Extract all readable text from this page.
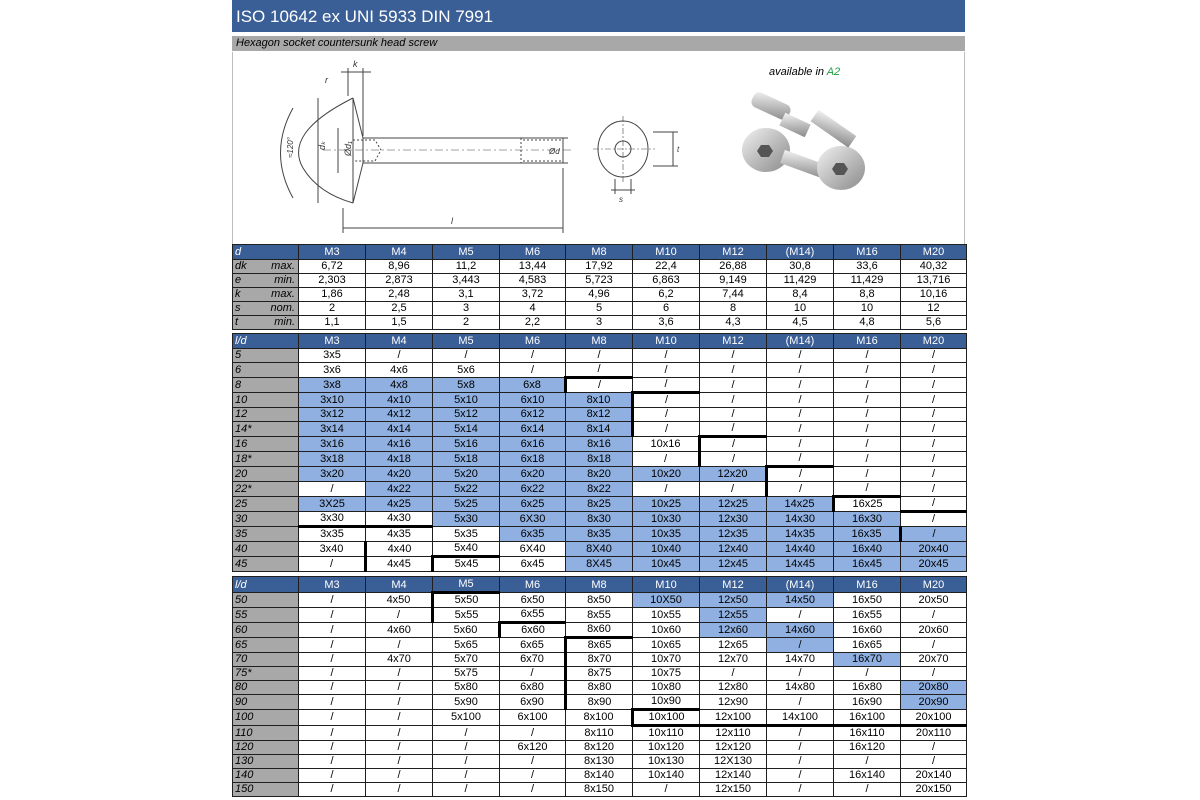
ISO 10642 ex UNI 5933 DIN 7991
Hexagon socket countersunk head screw
≈120°
k
r
dₖ Ød₁
l
s
t
Ød
available in A2
d	M3	M4	M5	M6	M8	M10	M12	(M14)	M16	M20
dk max.	6,72	8,96	11,2	13,44	17,92	22,4	26,88	30,8	33,6	40,32
e min.	2,303	2,873	3,443	4,583	5,723	6,863	9,149	11,429	11,429	13,716
k max.	1,86	2,48	3,1	3,72	4,96	6,2	7,44	8,4	8,8	10,16
s nom.	2	2,5	3	4	5	6	8	10	10	12
t min.	1,1	1,5	2	2,2	3	3,6	4,3	4,5	4,8	5,6
l/d	M3	M4	M5	M6	M8	M10	M12	(M14)	M16	M20
5	3x5	/	/	/	/	/	/	/	/	/
6	3x6	4x6	5x6	/	/	/	/	/	/	/
8	3x8	4x8	5x8	6x8	/	/	/	/	/	/
10	3x10	4x10	5x10	6x10	8x10	/	/	/	/	/
12	3x12	4x12	5x12	6x12	8x12	/	/	/	/	/
14*	3x14	4x14	5x14	6x14	8x14	/	/	/	/	/
16	3x16	4x16	5x16	6x16	8x16	10x16	/	/	/	/
18*	3x18	4x18	5x18	6x18	8x18	/	/	/	/	/
20	3x20	4x20	5x20	6x20	8x20	10x20	12x20	/	/	/
22*	/	4x22	5x22	6x22	8x22	/	/	/	/	/
25	3X25	4x25	5x25	6x25	8x25	10x25	12x25	14x25	16x25	/
30	3x30	4x30	5x30	6X30	8x30	10x30	12x30	14x30	16x30	/
35	3x35	4x35	5x35	6x35	8x35	10x35	12x35	14x35	16x35	/
40	3x40	4x40	5x40	6X40	8X40	10x40	12x40	14x40	16x40	20x40
45	/	4x45	5x45	6x45	8X45	10x45	12x45	14x45	16x45	20x45
l/d	M3	M4	M5	M6	M8	M10	M12	(M14)	M16	M20
50	/	4x50	5x50	6x50	8x50	10X50	12x50	14x50	16x50	20x50
55	/	/	5x55	6x55	8x55	10x55	12x55	/	16x55	/
60	/	4x60	5x60	6x60	8x60	10x60	12x60	14x60	16x60	20x60
65	/	/	5x65	6x65	8x65	10x65	12x65	/	16x65	/
70	/	4x70	5x70	6x70	8x70	10x70	12x70	14x70	16x70	20x70
75*	/	/	5x75	/	8x75	10x75	/	/	/	/
80	/	/	5x80	6x80	8x80	10x80	12x80	14x80	16x80	20x80
90	/	/	5x90	6x90	8x90	10x90	12x90	/	16x90	20x90
100	/	/	5x100	6x100	8x100	10x100	12x100	14x100	16x100	20x100
110	/	/	/	/	8x110	10x110	12x110	/	16x110	20x110
120	/	/	/	6x120	8x120	10x120	12x120	/	16x120	/
130	/	/	/	/	8x130	10x130	12X130	/	/	/
140	/	/	/	/	8x140	10x140	12x140	/	16x140	20x140
150	/	/	/	/	8x150	/	12x150	/	/	20x150
